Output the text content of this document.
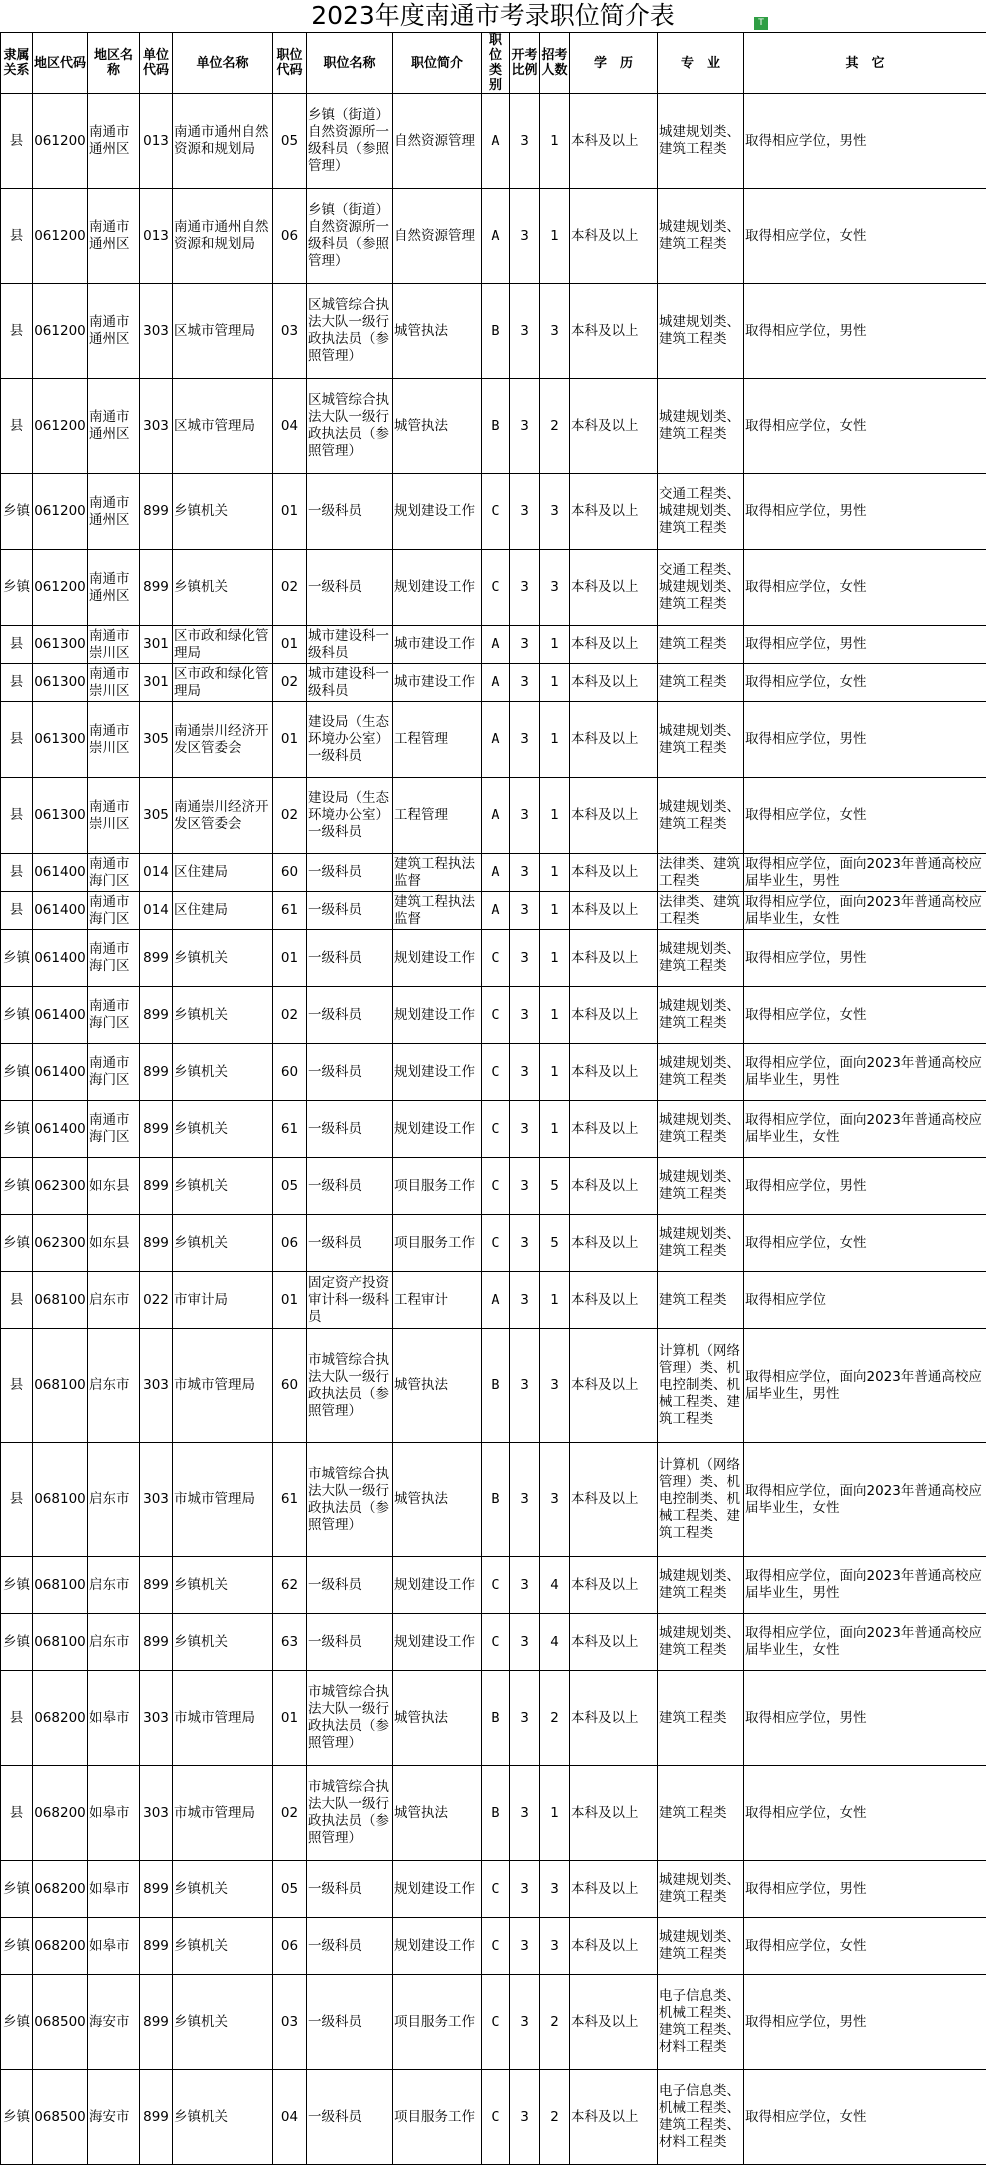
2023年度南通市考录职位简介表	T
隶属关系	地区代码	地区名称	单位代码	单位名称	职位代码	职位名称	职位简介	职位类别	开考比例	招考人数	学　历	专　业	其　它
县	061200	南通市通州区	013	南通市通州自然资源和规划局	05	乡镇（街道）自然资源所一级科员（参照管理）	自然资源管理	A	3	1	本科及以上	城建规划类、建筑工程类	取得相应学位，男性
县	061200	南通市通州区	013	南通市通州自然资源和规划局	06	乡镇（街道）自然资源所一级科员（参照管理）	自然资源管理	A	3	1	本科及以上	城建规划类、建筑工程类	取得相应学位，女性
县	061200	南通市通州区	303	区城市管理局	03	区城管综合执法大队一级行政执法员（参照管理）	城管执法	B	3	3	本科及以上	城建规划类、建筑工程类	取得相应学位，男性
县	061200	南通市通州区	303	区城市管理局	04	区城管综合执法大队一级行政执法员（参照管理）	城管执法	B	3	2	本科及以上	城建规划类、建筑工程类	取得相应学位，女性
乡镇	061200	南通市通州区	899	乡镇机关	01	一级科员	规划建设工作	C	3	3	本科及以上	交通工程类、城建规划类、建筑工程类	取得相应学位，男性
乡镇	061200	南通市通州区	899	乡镇机关	02	一级科员	规划建设工作	C	3	3	本科及以上	交通工程类、城建规划类、建筑工程类	取得相应学位，女性
县	061300	南通市崇川区	301	区市政和绿化管理局	01	城市建设科一级科员	城市建设工作	A	3	1	本科及以上	建筑工程类	取得相应学位，男性
县	061300	南通市崇川区	301	区市政和绿化管理局	02	城市建设科一级科员	城市建设工作	A	3	1	本科及以上	建筑工程类	取得相应学位，女性
县	061300	南通市崇川区	305	南通崇川经济开发区管委会	01	建设局（生态环境办公室）一级科员	工程管理	A	3	1	本科及以上	城建规划类、建筑工程类	取得相应学位，男性
县	061300	南通市崇川区	305	南通崇川经济开发区管委会	02	建设局（生态环境办公室）一级科员	工程管理	A	3	1	本科及以上	城建规划类、建筑工程类	取得相应学位，女性
县	061400	南通市海门区	014	区住建局	60	一级科员	建筑工程执法监督	A	3	1	本科及以上	法律类、建筑工程类	取得相应学位，面向2023年普通高校应届毕业生，男性
县	061400	南通市海门区	014	区住建局	61	一级科员	建筑工程执法监督	A	3	1	本科及以上	法律类、建筑工程类	取得相应学位，面向2023年普通高校应届毕业生，女性
乡镇	061400	南通市海门区	899	乡镇机关	01	一级科员	规划建设工作	C	3	1	本科及以上	城建规划类、建筑工程类	取得相应学位，男性
乡镇	061400	南通市海门区	899	乡镇机关	02	一级科员	规划建设工作	C	3	1	本科及以上	城建规划类、建筑工程类	取得相应学位，女性
乡镇	061400	南通市海门区	899	乡镇机关	60	一级科员	规划建设工作	C	3	1	本科及以上	城建规划类、建筑工程类	取得相应学位，面向2023年普通高校应届毕业生，男性
乡镇	061400	南通市海门区	899	乡镇机关	61	一级科员	规划建设工作	C	3	1	本科及以上	城建规划类、建筑工程类	取得相应学位，面向2023年普通高校应届毕业生，女性
乡镇	062300	如东县	899	乡镇机关	05	一级科员	项目服务工作	C	3	5	本科及以上	城建规划类、建筑工程类	取得相应学位，男性
乡镇	062300	如东县	899	乡镇机关	06	一级科员	项目服务工作	C	3	5	本科及以上	城建规划类、建筑工程类	取得相应学位，女性
县	068100	启东市	022	市审计局	01	固定资产投资审计科一级科员	工程审计	A	3	1	本科及以上	建筑工程类	取得相应学位
县	068100	启东市	303	市城市管理局	60	市城管综合执法大队一级行政执法员（参照管理）	城管执法	B	3	3	本科及以上	计算机（网络管理）类、机电控制类、机械工程类、建筑工程类	取得相应学位，面向2023年普通高校应届毕业生，男性
县	068100	启东市	303	市城市管理局	61	市城管综合执法大队一级行政执法员（参照管理）	城管执法	B	3	3	本科及以上	计算机（网络管理）类、机电控制类、机械工程类、建筑工程类	取得相应学位，面向2023年普通高校应届毕业生，女性
乡镇	068100	启东市	899	乡镇机关	62	一级科员	规划建设工作	C	3	4	本科及以上	城建规划类、建筑工程类	取得相应学位，面向2023年普通高校应届毕业生，男性
乡镇	068100	启东市	899	乡镇机关	63	一级科员	规划建设工作	C	3	4	本科及以上	城建规划类、建筑工程类	取得相应学位，面向2023年普通高校应届毕业生，女性
县	068200	如皋市	303	市城市管理局	01	市城管综合执法大队一级行政执法员（参照管理）	城管执法	B	3	2	本科及以上	建筑工程类	取得相应学位，男性
县	068200	如皋市	303	市城市管理局	02	市城管综合执法大队一级行政执法员（参照管理）	城管执法	B	3	1	本科及以上	建筑工程类	取得相应学位，女性
乡镇	068200	如皋市	899	乡镇机关	05	一级科员	规划建设工作	C	3	3	本科及以上	城建规划类、建筑工程类	取得相应学位，男性
乡镇	068200	如皋市	899	乡镇机关	06	一级科员	规划建设工作	C	3	3	本科及以上	城建规划类、建筑工程类	取得相应学位，女性
乡镇	068500	海安市	899	乡镇机关	03	一级科员	项目服务工作	C	3	2	本科及以上	电子信息类、机械工程类、建筑工程类、材料工程类	取得相应学位，男性
乡镇	068500	海安市	899	乡镇机关	04	一级科员	项目服务工作	C	3	2	本科及以上	电子信息类、机械工程类、建筑工程类、材料工程类	取得相应学位，女性
